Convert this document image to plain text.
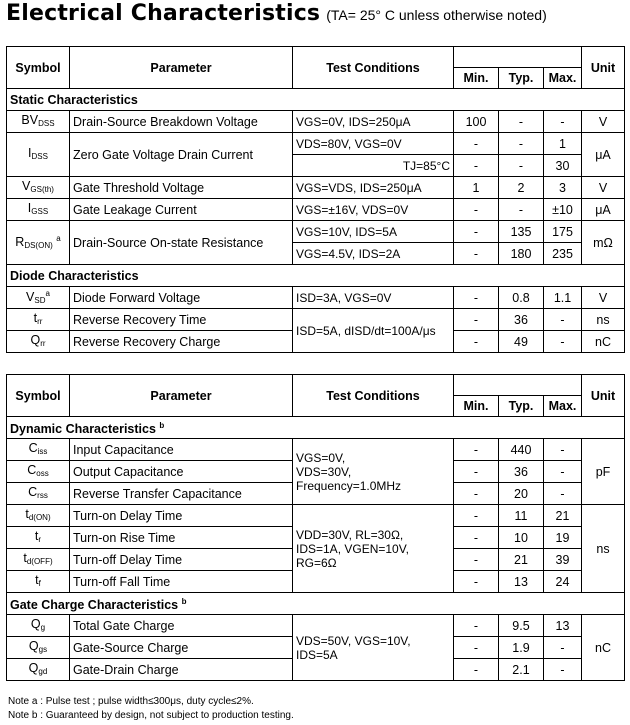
Electrical Characteristics (TA= 25° C unless otherwise noted)
Symbol	Parameter	Test Conditions				Unit
			Min.	Typ.	Max.	
Static Characteristics						
$BV_{DSS}$	Drain-Source Breakdown Voltage	VGS=0V, IDS=250μA	100	-	-	V
$I_{DSS}$	Zero Gate Voltage Drain Current	VDS=80V, VGS=0V	-	-	1	μA
		TJ=85°C	-	-	30	
$V_{GS(th)}$	Gate Threshold Voltage	VGS=VDS, IDS=250μA	1	2	3	V
$I_{GSS}$	Gate Leakage Current	VGS=±16V, VDS=0V	-	-	±10	μA
$R_{DS(ON)}$ $^a$	Drain-Source On-state Resistance	VGS=10V, IDS=5A	-	135	175	mΩ
		VGS=4.5V, IDS=2A	-	180	235	
Diode Characteristics						
$V_{SD}^a$	Diode Forward Voltage	ISD=3A, VGS=0V	-	0.8	1.1	V
$t_{rr}$	Reverse Recovery Time	ISD=5A, dISD/dt=100A/μs	-	36	-	ns
$Q_{rr}$	Reverse Recovery Charge		-	49	-	nC
Symbol	Parameter	Test Conditions				Unit
			Min.	Typ.	Max.	
Dynamic Characteristics $^b$
$C_{iss}$	Input Capacitance	VGS=0V,
VDS=30V,
Frequency=1.0MHz	-	440	-	pF
$C_{oss}$	Output Capacitance		-	36	-	
$C_{rss}$	Reverse Transfer Capacitance		-	20	-	
$t_{d(ON)}$	Turn-on Delay Time	VDD=30V, RL=30Ω,
IDS=1A, VGEN=10V,
RG=6Ω	-	11	21	ns
$t_r$	Turn-on Rise Time		-	10	19	
$t_{d(OFF)}$	Turn-off Delay Time		-	21	39	
$t_f$	Turn-off Fall Time		-	13	24	
Gate Charge Characteristics $^b$
$Q_g$	Total Gate Charge	VDS=50V, VGS=10V,
IDS=5A	-	9.5	13	nC
$Q_{gs}$	Gate-Source Charge		-	1.9	-	
$Q_{gd}$	Gate-Drain Charge		-	2.1	-	
Note a : Pulse test ; pulse width≤300μs, duty cycle≤2%.
Note b : Guaranteed by design, not subject to production testing.
